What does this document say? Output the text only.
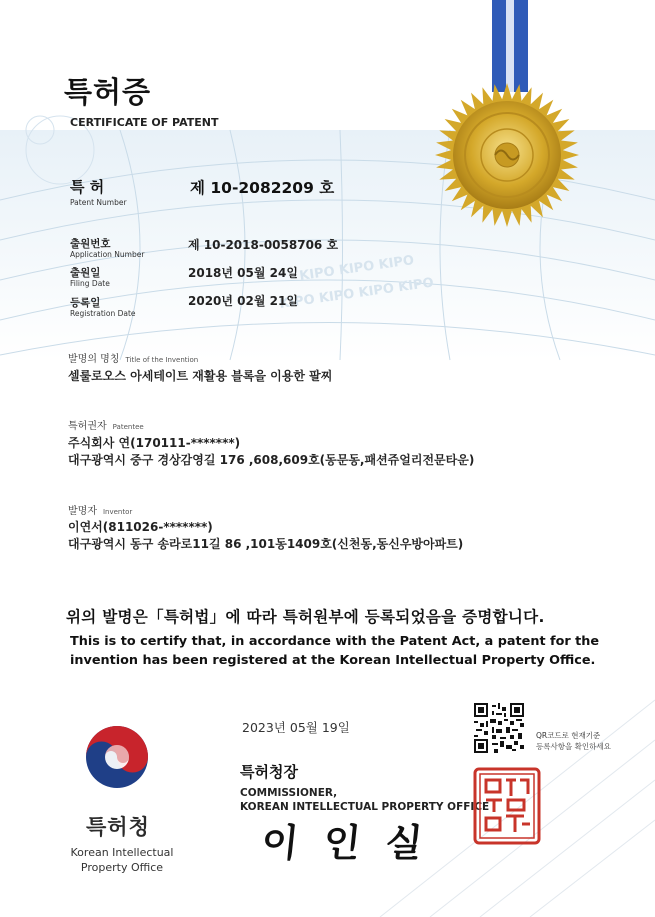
KIPO KIPO KIPO
KIPO KIPO KIPO KIPO
특허증
CERTIFICATE OF PATENT
특 허
Patent Number
제 10-2082209 호
출원번호
Application Number
제 10-2018-0058706 호
출원일
Filing Date
2018년 05월 24일
등록일
Registration Date
2020년 02월 21일
발명의 명칭 Title of the Invention
셀룰로오스 아세테이트 재활용 블록을 이용한 팔찌
특허권자 Patentee
주식회사 연(170111-*******)
대구광역시 중구 경상감영길 176 ,608,609호(동문동,패션쥬얼리전문타운)
발명자 Inventor
이연서(811026-*******)
대구광역시 동구 송라로11길 86 ,101동1409호(신천동,동신우방아파트)
위의 발명은「특허법」에 따라 특허원부에 등록되었음을 증명합니다.
This is to certify that, in accordance with the Patent Act, a patent for the
invention has been registered at the Korean Intellectual Property Office.
2023년 05월 19일
QR코드로 현재기준
등록사항을 확인하세요
특허청장
COMMISSIONER,
KOREAN INTELLECTUAL PROPERTY OFFICE
이 인 실
특허청
Korean Intellectual
Property Office
